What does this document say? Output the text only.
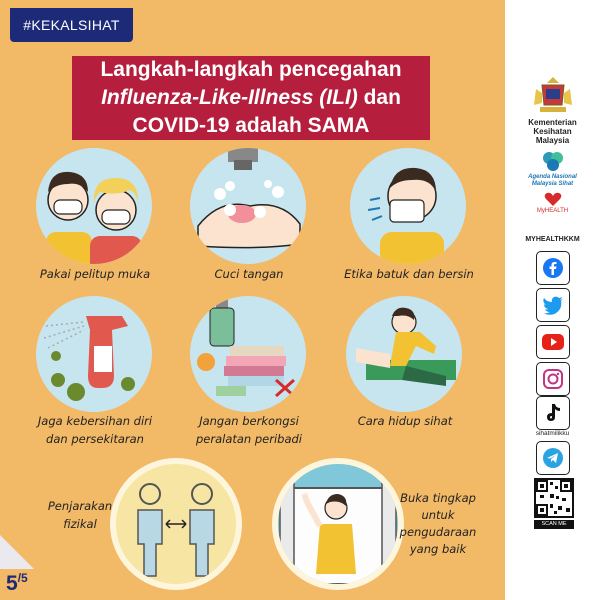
#KEKALSIHAT
Langkah-langkah pencegahan
Influenza-Like-Illness (ILI) dan
COVID-19 adalah SAMA
Pakai pelitup muka	Cuci tangan	Etika batuk dan bersin
Jaga kebersihan diri
dan persekitaran
Jangan berkongsi
peralatan peribadi
Cara hidup sihat
Penjarakan
fizikal
Buka tingkap
untuk
pengudaraan
yang baik
$5^{/5}$
Kementerian
Kesihatan
Malaysia
Agenda Nasional
Malaysia Sihat
MyHEALTH
MYHEALTHKKM
sihatmilikku
SCAN ME
